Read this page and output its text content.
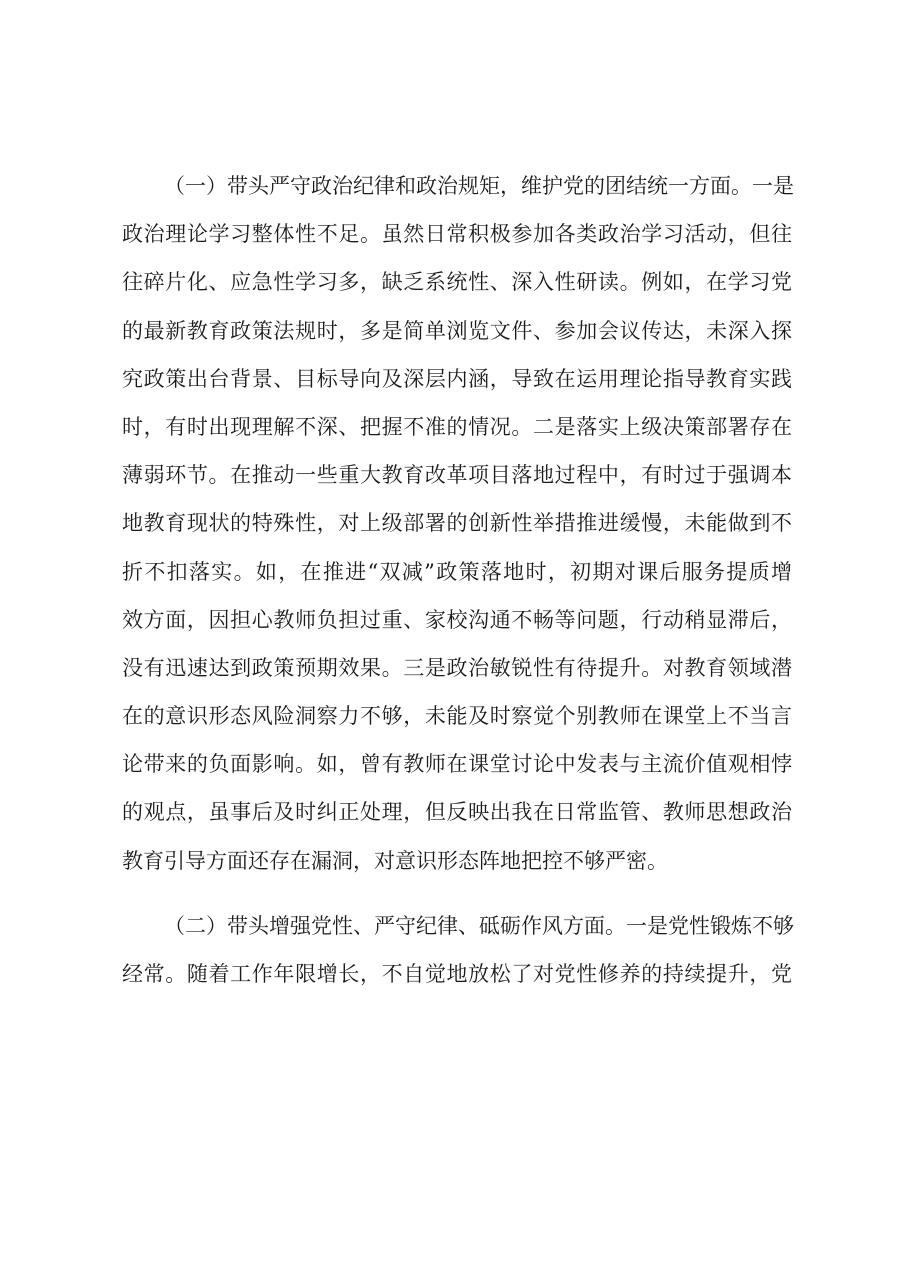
（一）带头严守政治纪律和政治规矩，维护党的团结统一方面。一是
政治理论学习整体性不足。虽然日常积极参加各类政治学习活动，但往
往碎片化、应急性学习多，缺乏系统性、深入性研读。例如，在学习党
的最新教育政策法规时，多是简单浏览文件、参加会议传达，未深入探
究政策出台背景、目标导向及深层内涵，导致在运用理论指导教育实践
时，有时出现理解不深、把握不准的情况。二是落实上级决策部署存在
薄弱环节。在推动一些重大教育改革项目落地过程中，有时过于强调本
地教育现状的特殊性，对上级部署的创新性举措推进缓慢，未能做到不
折不扣落实。如，在推进“双减”政策落地时，初期对课后服务提质增
效方面，因担心教师负担过重、家校沟通不畅等问题，行动稍显滞后，
没有迅速达到政策预期效果。三是政治敏锐性有待提升。对教育领域潜
在的意识形态风险洞察力不够，未能及时察觉个别教师在课堂上不当言
论带来的负面影响。如，曾有教师在课堂讨论中发表与主流价值观相悖
的观点，虽事后及时纠正处理，但反映出我在日常监管、教师思想政治
教育引导方面还存在漏洞，对意识形态阵地把控不够严密。
（二）带头增强党性、严守纪律、砥砺作风方面。一是党性锻炼不够
经常。随着工作年限增长，不自觉地放松了对党性修养的持续提升，党
